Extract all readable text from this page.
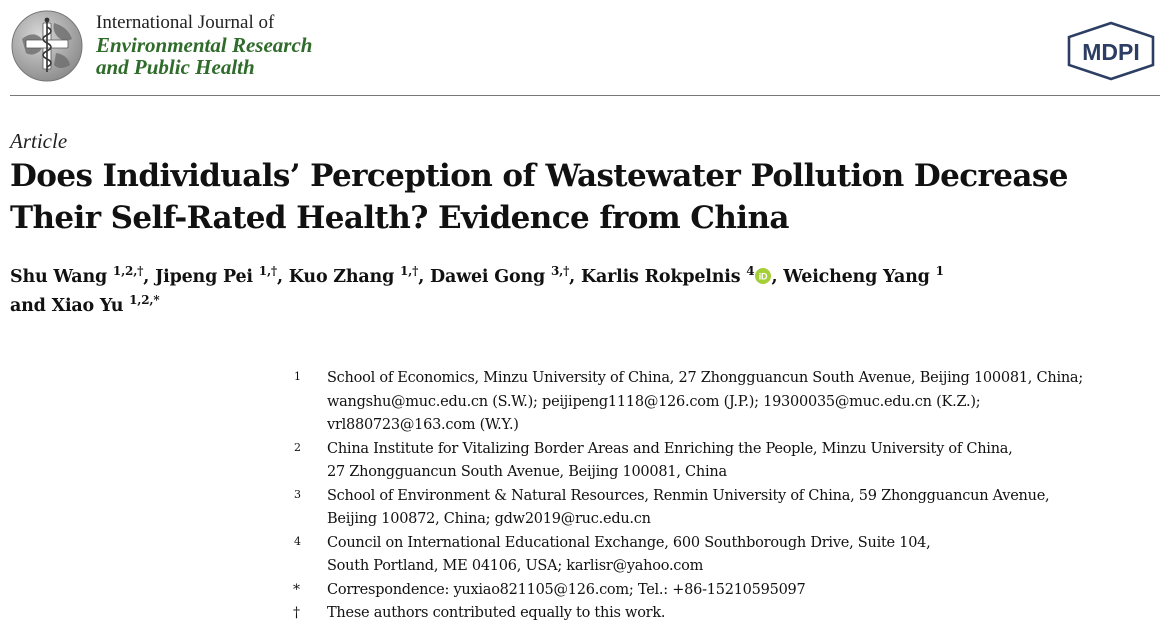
International Journal of
Environmental Research
and Public Health
MDPI
Article
Does Individuals’ Perception of Wastewater Pollution Decrease
Their Self-Rated Health? Evidence from China
Shu Wang $^{1,2,\dagger}$, Jipeng Pei $^{1,\dagger}$, Kuo Zhang $^{1,\dagger}$, Dawei Gong $^{3,\dagger}$, Karlis Rokpelnis $^4$ iD , Weicheng Yang $^1$
and Xiao Yu $^{1,2,*}$
1	School of Economics, Minzu University of China, 27 Zhongguancun South Avenue, Beijing 100081, China;
wangshu@muc.edu.cn (S.W.); peijipeng1118@126.com (J.P.); 19300035@muc.edu.cn (K.Z.);
vrl880723@163.com (W.Y.)
2	China Institute for Vitalizing Border Areas and Enriching the People, Minzu University of China,
27 Zhongguancun South Avenue, Beijing 100081, China
3	School of Environment & Natural Resources, Renmin University of China, 59 Zhongguancun Avenue,
Beijing 100872, China; gdw2019@ruc.edu.cn
4	Council on International Educational Exchange, 600 Southborough Drive, Suite 104,
South Portland, ME 04106, USA; karlisr@yahoo.com
*	Correspondence: yuxiao821105@126.com; Tel.: +86-15210595097
†	These authors contributed equally to this work.
